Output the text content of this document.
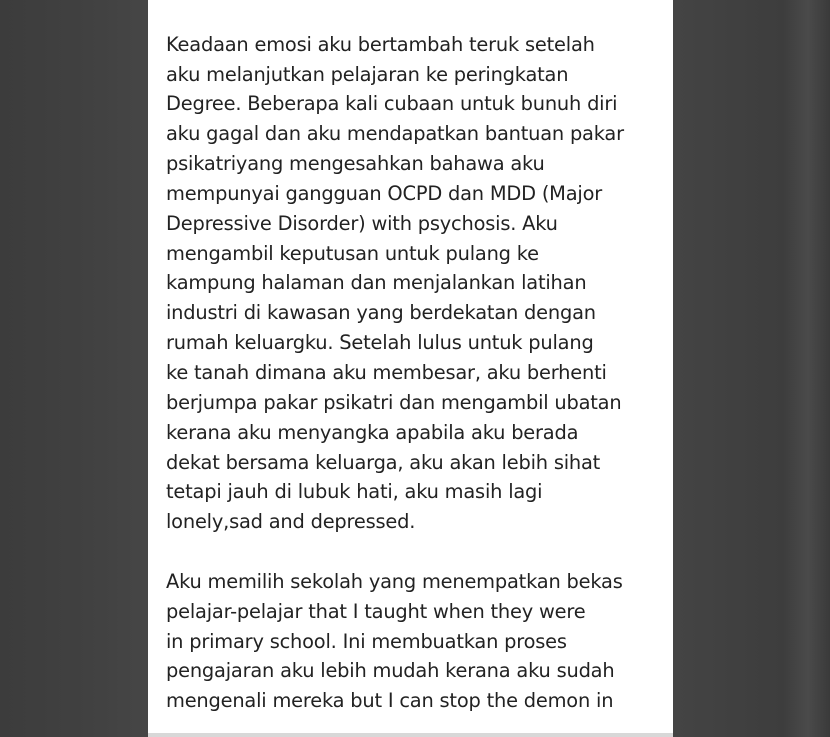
Keadaan emosi aku bertambah teruk setelah
aku melanjutkan pelajaran ke peringkatan
Degree. Beberapa kali cubaan untuk bunuh diri
aku gagal dan aku mendapatkan bantuan pakar
psikatriyang mengesahkan bahawa aku
mempunyai gangguan OCPD dan MDD (Major
Depressive Disorder) with psychosis. Aku
mengambil keputusan untuk pulang ke
kampung halaman dan menjalankan latihan
industri di kawasan yang berdekatan dengan
rumah keluargku. Setelah lulus untuk pulang
ke tanah dimana aku membesar, aku berhenti
berjumpa pakar psikatri dan mengambil ubatan
kerana aku menyangka apabila aku berada
dekat bersama keluarga, aku akan lebih sihat
tetapi jauh di lubuk hati, aku masih lagi
lonely,sad and depressed.
Aku memilih sekolah yang menempatkan bekas
pelajar-pelajar that I taught when they were
in primary school. Ini membuatkan proses
pengajaran aku lebih mudah kerana aku sudah
mengenali mereka but I can stop the demon in
